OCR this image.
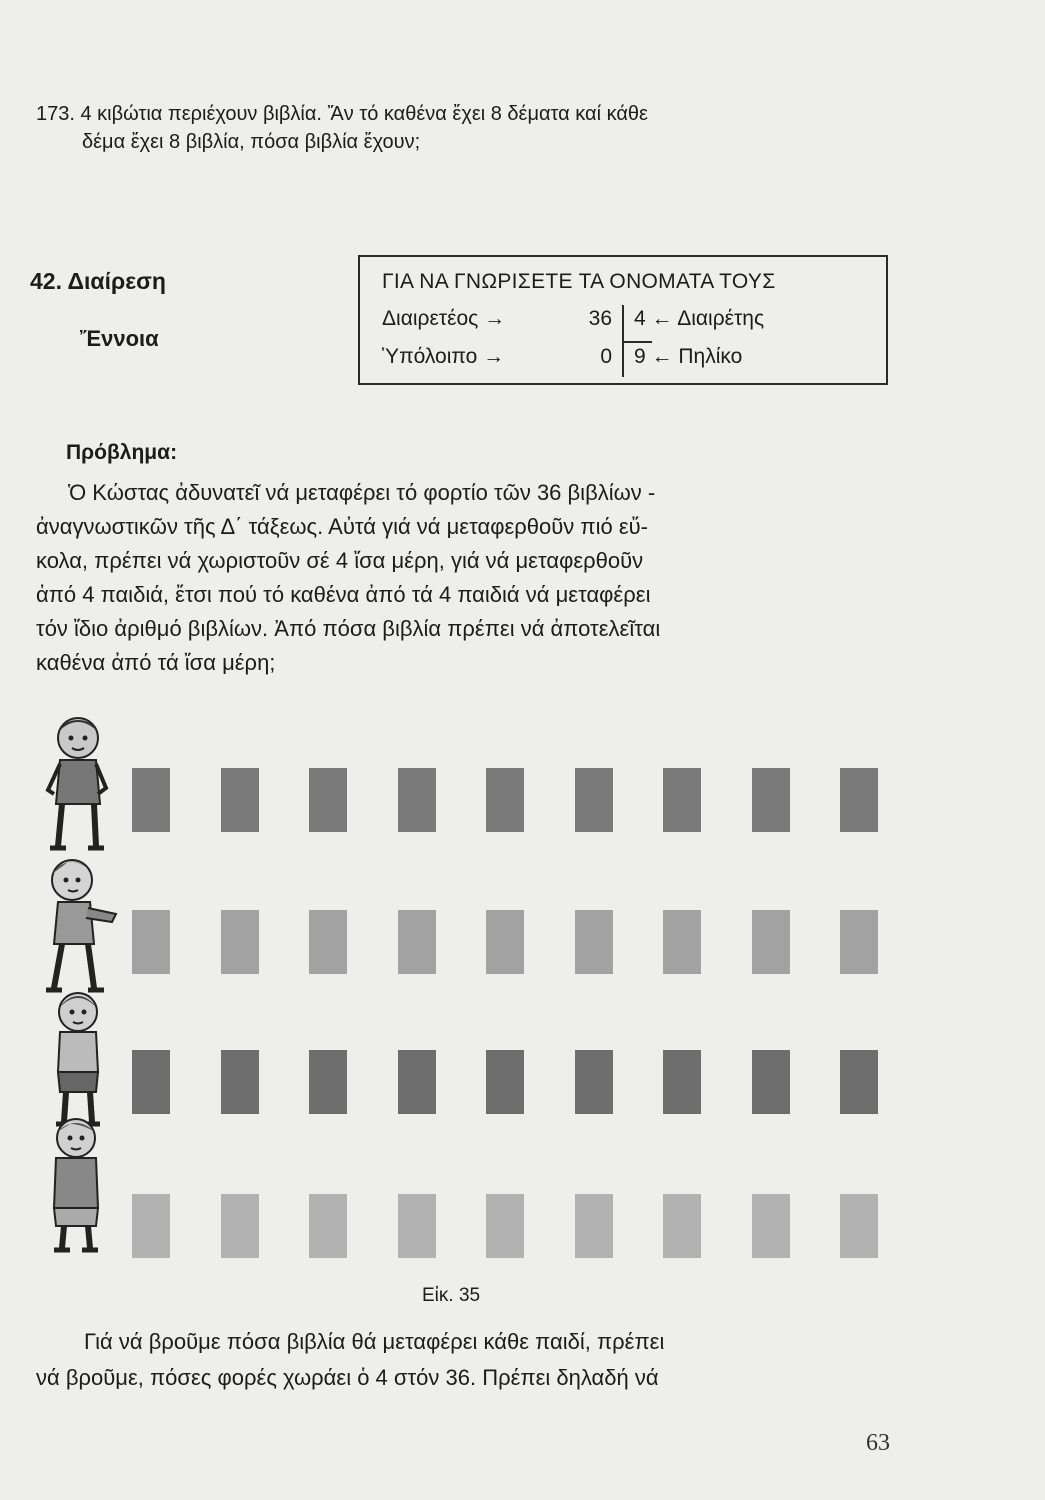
173. 4 κιβώτια περιέχουν βιβλία. Ἄν τό καθένα ἔχει 8 δέματα καί κάθε
δέμα ἔχει 8 βιβλία, πόσα βιβλία ἔχουν;
42. Διαίρεση
Ἔννοια
ΓΙΑ ΝΑ ΓΝΩΡΙΣΕΤΕ ΤΑ ΟΝΟΜΑΤΑ ΤΟΥΣ
Διαιρετέος →	36
Ὑπόλοιπο →	0
4 ← Διαιρέτης
9 ← Πηλίκο
Πρόβλημα:

Ὁ Κώστας ἀδυνατεῖ νά μεταφέρει τό φορτίο τῶν 36 βιβλίων -

ἀναγνωστικῶν τῆς Δ΄ τάξεως. Αὐτά γιά νά μεταφερθοῦν πιό εὔ-

κολα, πρέπει νά χωριστοῦν σέ 4 ἴσα μέρη, γιά νά μεταφερθοῦν

ἀπό 4 παιδιά, ἔτσι πού τό καθένα ἀπό τά 4 παιδιά νά μεταφέρει

τόν ἴδιο ἀριθμό βιβλίων. Ἀπό πόσα βιβλία πρέπει νά ἀποτελεῖται

καθένα ἀπό τά ἴσα μέρη;

Εἰκ. 35

Γιά νά βροῦμε πόσα βιβλία θά μεταφέρει κάθε παιδί, πρέπει

νά βροῦμε, πόσες φορές χωράει ὁ 4 στόν 36. Πρέπει δηλαδή νά

63
